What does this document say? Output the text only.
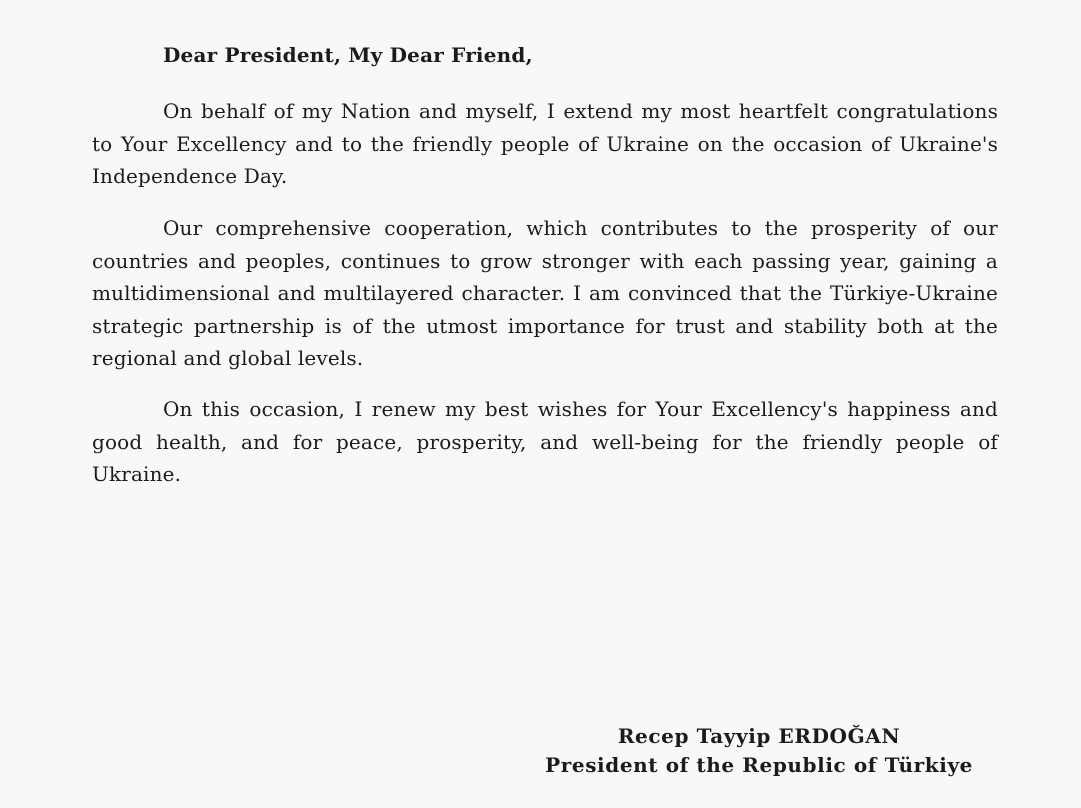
Dear President, My Dear Friend,
On behalf of my Nation and myself, I extend my most heartfelt congratulations to Your Excellency and to the friendly people of Ukraine on the occasion of Ukraine's Independence Day.
Our comprehensive cooperation, which contributes to the prosperity of our countries and peoples, continues to grow stronger with each passing year, gaining a multidimensional and multilayered character. I am convinced that the Türkiye-Ukraine strategic partnership is of the utmost importance for trust and stability both at the regional and global levels.
On this occasion, I renew my best wishes for Your Excellency's happiness and good health, and for peace, prosperity, and well-being for the friendly people of Ukraine.
Recep Tayyip ERDOĞAN
President of the Republic of Türkiye
